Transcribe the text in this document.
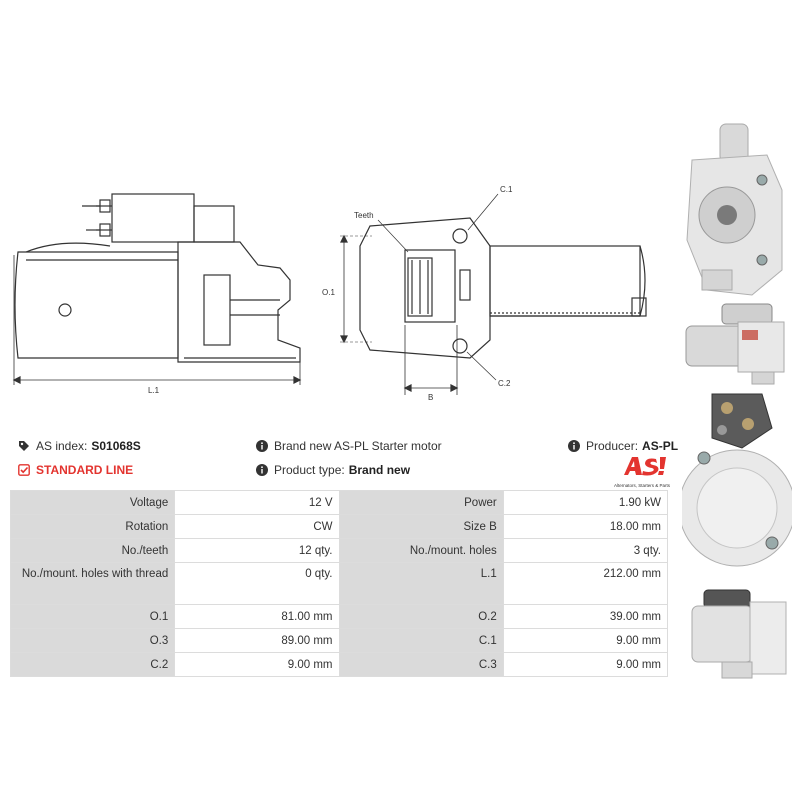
L.1
O.1
B
C.1
C.2
Teeth
AS index: S01068S	Brand new AS-PL Starter motor	Producer: AS-PL
STANDARD LINE	Product type: Brand new
Alternators, Starters & Parts
Voltage	12 V	Power	1.90 kW
Rotation	CW	Size B	18.00 mm
No./teeth	12 qty.	No./mount. holes	3 qty.
No./mount. holes with thread	0 qty.	L.1	212.00 mm
O.1	81.00 mm	O.2	39.00 mm
O.3	89.00 mm	C.1	9.00 mm
C.2	9.00 mm	C.3	9.00 mm
